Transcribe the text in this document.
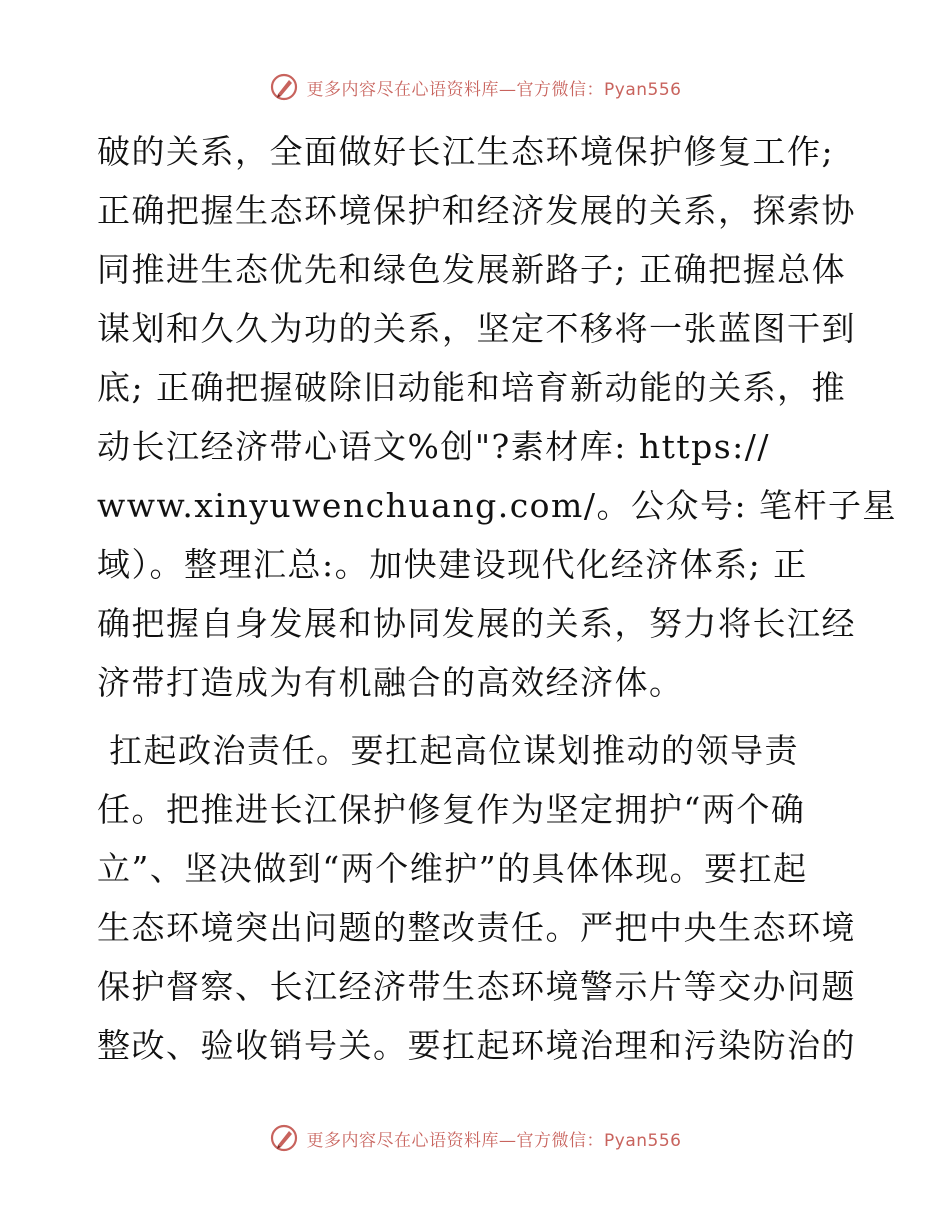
更多内容尽在心语资料库—官方微信：Pyan556
破的关系，全面做好长江生态环境保护修复工作;
正确把握生态环境保护和经济发展的关系，探索协
同推进生态优先和绿色发展新路子; 正确把握总体
谋划和久久为功的关系，坚定不移将一张蓝图干到
底; 正确把握破除旧动能和培育新动能的关系，推
动长江经济带心语文%创"?素材库: https://
www.xinyuwenchuang.com/。公众号: 笔杆子星
域）。整理汇总:。加快建设现代化经济体系; 正
确把握自身发展和协同发展的关系，努力将长江经
济带打造成为有机融合的高效经济体。
扛起政治责任。要扛起高位谋划推动的领导责
任。把推进长江保护修复作为坚定拥护“两个确
立”、坚决做到“两个维护”的具体体现。要扛起
生态环境突出问题的整改责任。严把中央生态环境
保护督察、长江经济带生态环境警示片等交办问题
整改、验收销号关。要扛起环境治理和污染防治的
更多内容尽在心语资料库—官方微信：Pyan556
